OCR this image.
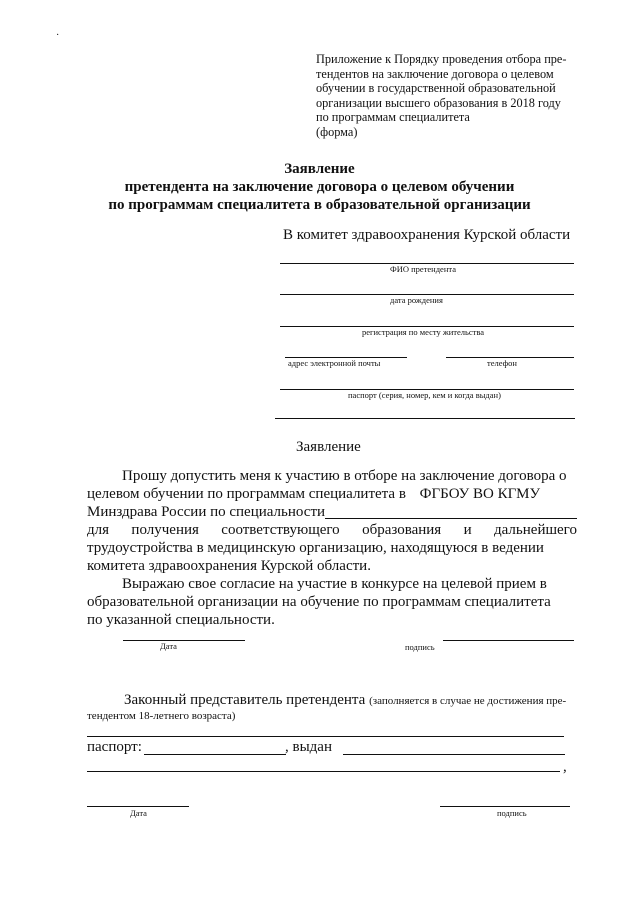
·
Приложение к Порядку проведения отбора пре-
тендентов на заключение договора о целевом
обучении в государственной образовательной
организации высшего образования в 2018 году
по программам специалитета
(форма)
Заявление
претендента на заключение договора о целевом обучении
по программам специалитета в образовательной организации
В комитет здравоохранения Курской области
ФИО претендента
дата рождения
регистрация по месту жительства
адрес электронной почты	телефон
паспорт (серия, номер, кем и когда выдан)
Заявление
Прошу допустить меня к участию в отборе на заключение договора о
целевом обучении по программам специалитета в ФГБОУ ВО КГМУ
Минздрава России по специальности
для получения соответствующего образования и дальнейшего
трудоустройства в медицинскую организацию, находящуюся в ведении
комитета здравоохранения Курской области.
Выражаю свое согласие на участие в конкурсе на целевой прием в
образовательной организации на обучение по программам специалитета
по указанной специальности.
Дата	подпись
Законный представитель претендента (заполняется в случае не достижения пре-
тендентом 18-летнего возраста)
паспорт:	, выдан
,
Дата	подпись
